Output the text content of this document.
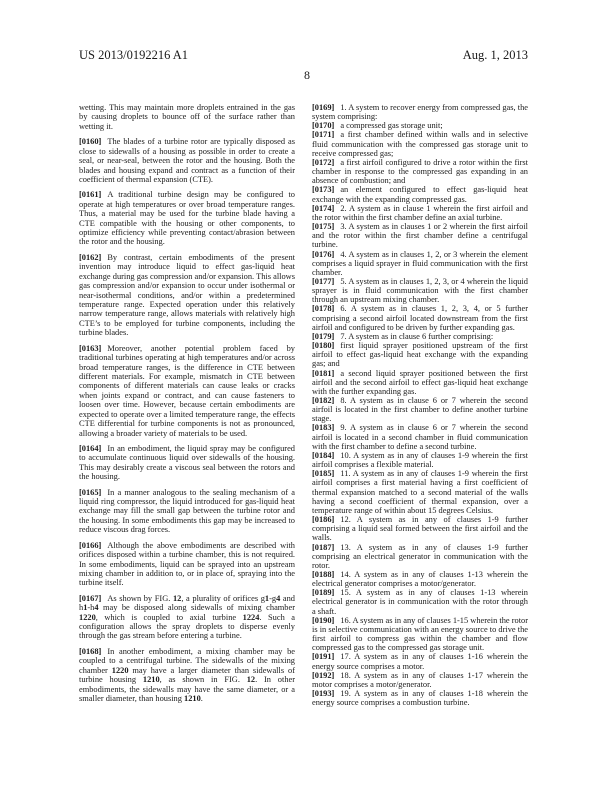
US 2013/0192216 A1	Aug. 1, 2013
8

wetting. This may maintain more droplets entrained in the gas by causing droplets to bounce off of the surface rather than wetting it.

[0160] The blades of a turbine rotor are typically disposed as close to sidewalls of a housing as possible in order to create a seal, or near-seal, between the rotor and the housing. Both the blades and housing expand and contract as a function of their coefficient of thermal expansion (CTE).

[0161] A traditional turbine design may be configured to operate at high temperatures or over broad temperature ranges. Thus, a material may be used for the turbine blade having a CTE compatible with the housing or other components, to optimize efficiency while preventing contact/abrasion between the rotor and the housing.

[0162] By contrast, certain embodiments of the present invention may introduce liquid to effect gas-liquid heat exchange during gas compression and/or expansion. This allows gas compression and/or expansion to occur under isothermal or near-isothermal conditions, and/or within a predetermined temperature range. Expected operation under this relatively narrow temperature range, allows materials with relatively high CTE’s to be employed for turbine components, including the turbine blades.

[0163] Moreover, another potential problem faced by traditional turbines operating at high temperatures and/or across broad temperature ranges, is the difference in CTE between different materials. For example, mismatch in CTE between components of different materials can cause leaks or cracks when joints expand or contract, and can cause fasteners to loosen over time. However, because certain embodiments are expected to operate over a limited temperature range, the effects CTE differential for turbine components is not as pronounced, allowing a broader variety of materials to be used.

[0164] In an embodiment, the liquid spray may be configured to accumulate continuous liquid over sidewalls of the housing. This may desirably create a viscous seal between the rotors and the housing.

[0165] In a manner analogous to the sealing mechanism of a liquid ring compressor, the liquid introduced for gas-liquid heat exchange may fill the small gap between the turbine rotor and the housing. In some embodiments this gap may be increased to reduce viscous drag forces.

[0166] Although the above embodiments are described with orifices disposed within a turbine chamber, this is not required. In some embodiments, liquid can be sprayed into an upstream mixing chamber in addition to, or in place of, spraying into the turbine itself.

[0167] As shown by FIG. 12, a plurality of orifices g1-g4 and h1-h4 may be disposed along sidewalls of mixing chamber 1220, which is coupled to axial turbine 1224. Such a configuration allows the spray droplets to disperse evenly through the gas stream before entering a turbine.

[0168] In another embodiment, a mixing chamber may be coupled to a centrifugal turbine. The sidewalls of the mixing chamber 1220 may have a larger diameter than sidewalls of turbine housing 1210, as shown in FIG. 12. In other embodiments, the sidewalls may have the same diameter, or a smaller diameter, than housing 1210.

[0169] 1. A system to recover energy from compressed gas, the system comprising:

[0170] a compressed gas storage unit;

[0171] a first chamber defined within walls and in selective fluid communication with the compressed gas storage unit to receive compressed gas;

[0172] a first airfoil configured to drive a rotor within the first chamber in response to the compressed gas expanding in an absence of combustion; and

[0173] an element configured to effect gas-liquid heat exchange with the expanding compressed gas.

[0174] 2. A system as in clause 1 wherein the first airfoil and the rotor within the first chamber define an axial turbine.

[0175] 3. A system as in clauses 1 or 2 wherein the first airfoil and the rotor within the first chamber define a centrifugal turbine.

[0176] 4. A system as in clauses 1, 2, or 3 wherein the element comprises a liquid sprayer in fluid communication with the first chamber.

[0177] 5. A system as in clauses 1, 2, 3, or 4 wherein the liquid sprayer is in fluid communication with the first chamber through an upstream mixing chamber.

[0178] 6. A system as in clauses 1, 2, 3, 4, or 5 further comprising a second airfoil located downstream from the first airfoil and configured to be driven by further expanding gas.

[0179] 7. A system as in clause 6 further comprising:

[0180] first liquid sprayer positioned upstream of the first airfoil to effect gas-liquid heat exchange with the expanding gas; and

[0181] a second liquid sprayer positioned between the first airfoil and the second airfoil to effect gas-liquid heat exchange with the further expanding gas.

[0182] 8. A system as in clause 6 or 7 wherein the second airfoil is located in the first chamber to define another turbine stage.

[0183] 9. A system as in clause 6 or 7 wherein the second airfoil is located in a second chamber in fluid communication with the first chamber to define a second turbine.

[0184] 10. A system as in any of clauses 1-9 wherein the first airfoil comprises a flexible material.

[0185] 11. A system as in any of clauses 1-9 wherein the first airfoil comprises a first material having a first coefficient of thermal expansion matched to a second material of the walls having a second coefficient of thermal expansion, over a temperature range of within about 15 degrees Celsius.

[0186] 12. A system as in any of clauses 1-9 further comprising a liquid seal formed between the first airfoil and the walls.

[0187] 13. A system as in any of clauses 1-9 further comprising an electrical generator in communication with the rotor.

[0188] 14. A system as in any of clauses 1-13 wherein the electrical generator comprises a motor/generator.

[0189] 15. A system as in any of clauses 1-13 wherein electrical generator is in communication with the rotor through a shaft.

[0190] 16. A system as in any of clauses 1-15 wherein the rotor is in selective communication with an energy source to drive the first airfoil to compress gas within the chamber and flow compressed gas to the compressed gas storage unit.

[0191] 17. A system as in any of clauses 1-16 wherein the energy source comprises a motor.

[0192] 18. A system as in any of clauses 1-17 wherein the motor comprises a motor/generator.

[0193] 19. A system as in any of clauses 1-18 wherein the energy source comprises a combustion turbine.
